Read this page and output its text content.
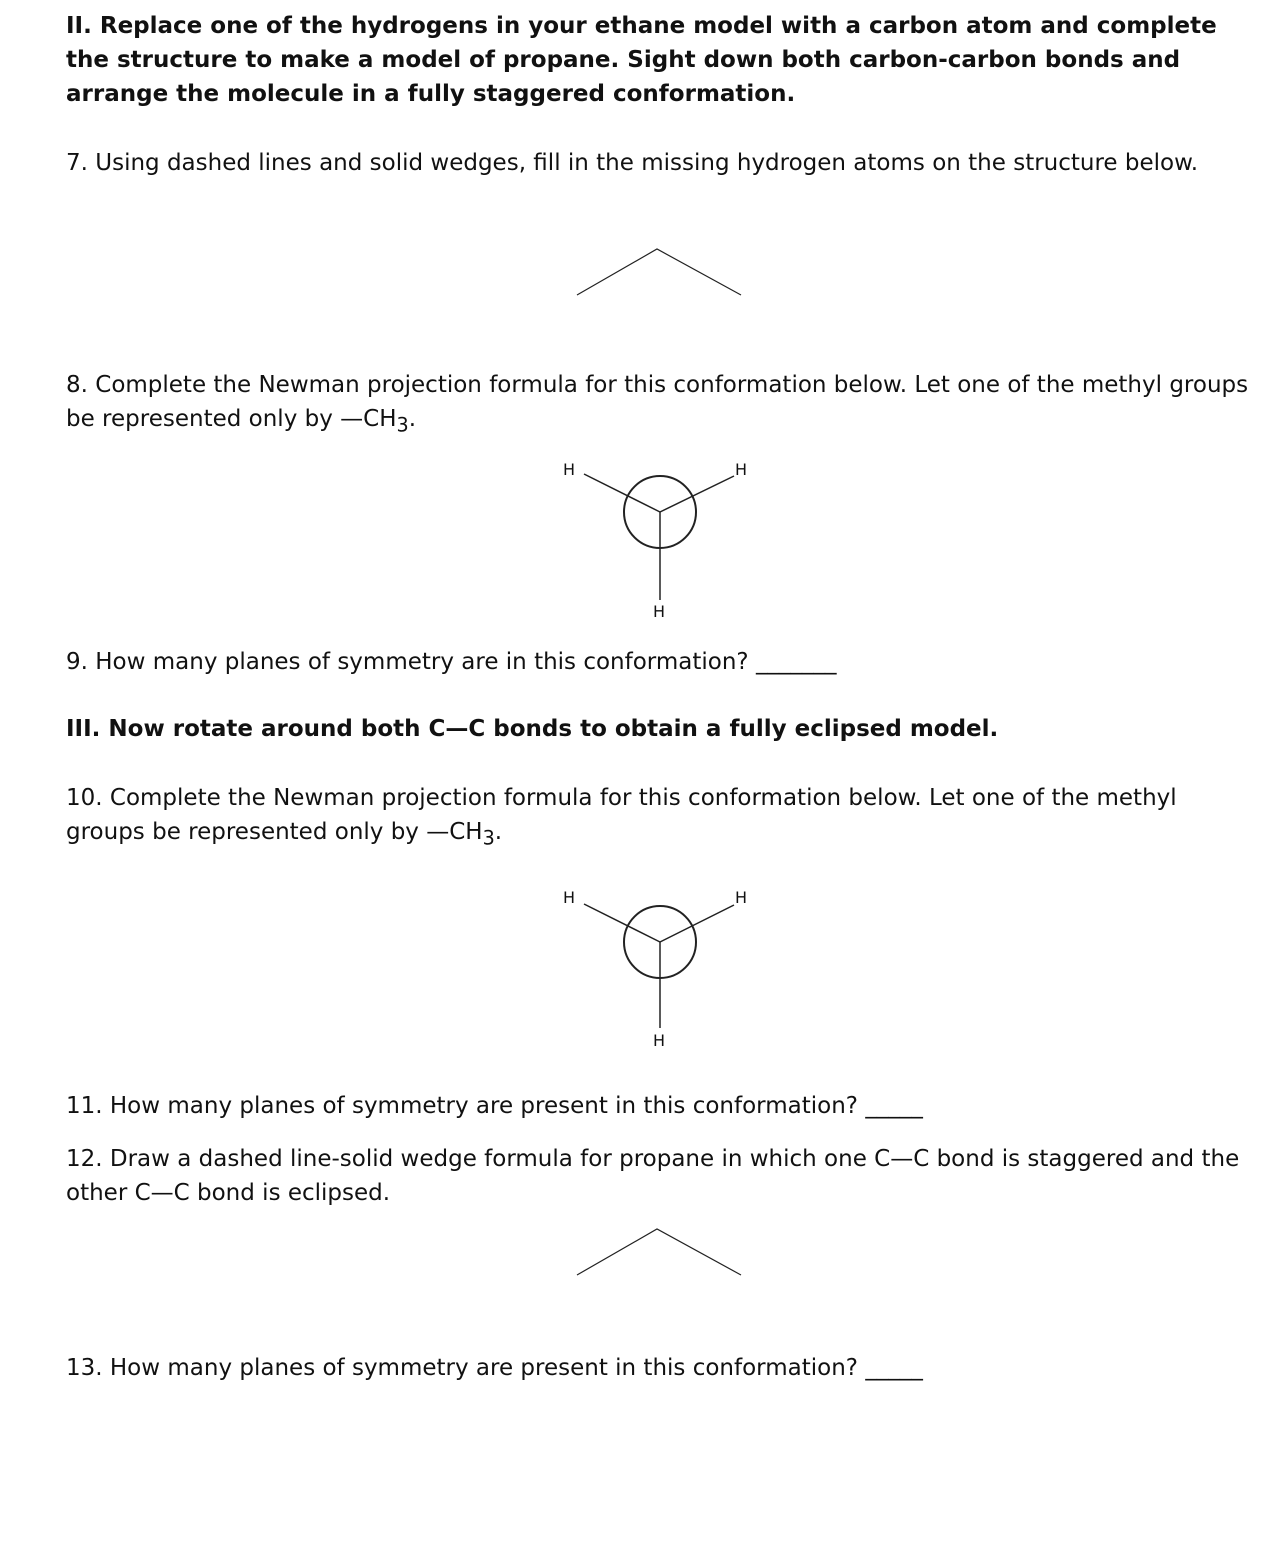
II. Replace one of the hydrogens in your ethane model with a carbon atom and complete the structure to make a model of propane. Sight down both carbon-carbon bonds and arrange the molecule in a fully staggered conformation.

7. Using dashed lines and solid wedges, fill in the missing hydrogen atoms on the structure below.

H	H
H
H	H
H

8. Complete the Newman projection formula for this conformation below. Let one of the methyl groups be represented only by $—CH_3$.

9. How many planes of symmetry are in this conformation? _______

III. Now rotate around both C—C bonds to obtain a fully eclipsed model.

10. Complete the Newman projection formula for this conformation below. Let one of the methyl groups be represented only by $—CH_3$.

11. How many planes of symmetry are present in this conformation? _____

12. Draw a dashed line-solid wedge formula for propane in which one C—C bond is staggered and the other C—C bond is eclipsed.

13. How many planes of symmetry are present in this conformation? _____
